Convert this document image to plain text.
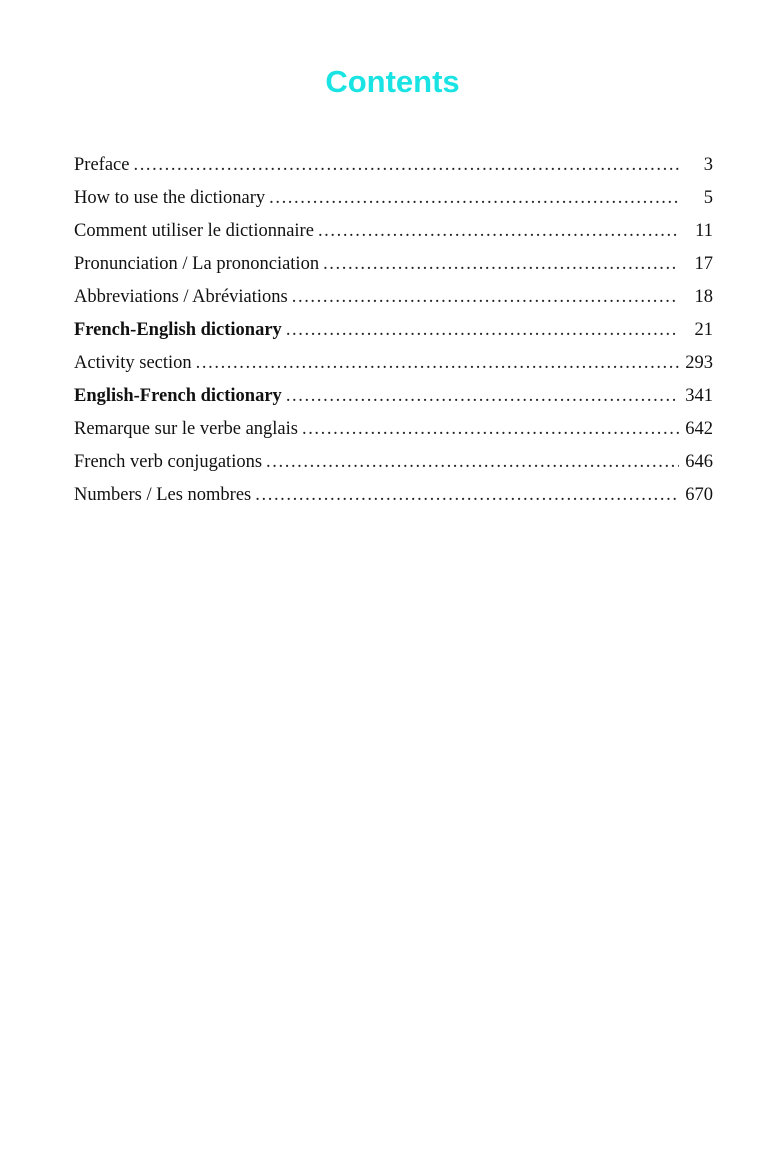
Contents
Preface .....	3
How to use the dictionary .....	5
Comment utiliser le dictionnaire .....	11
Pronunciation / La prononciation .....	17
Abbreviations / Abréviations .....	18
French-English dictionary .....	21
Activity section .....	293
English-French dictionary .....	341
Remarque sur le verbe anglais .....	642
French verb conjugations .....	646
Numbers / Les nombres .....	670
